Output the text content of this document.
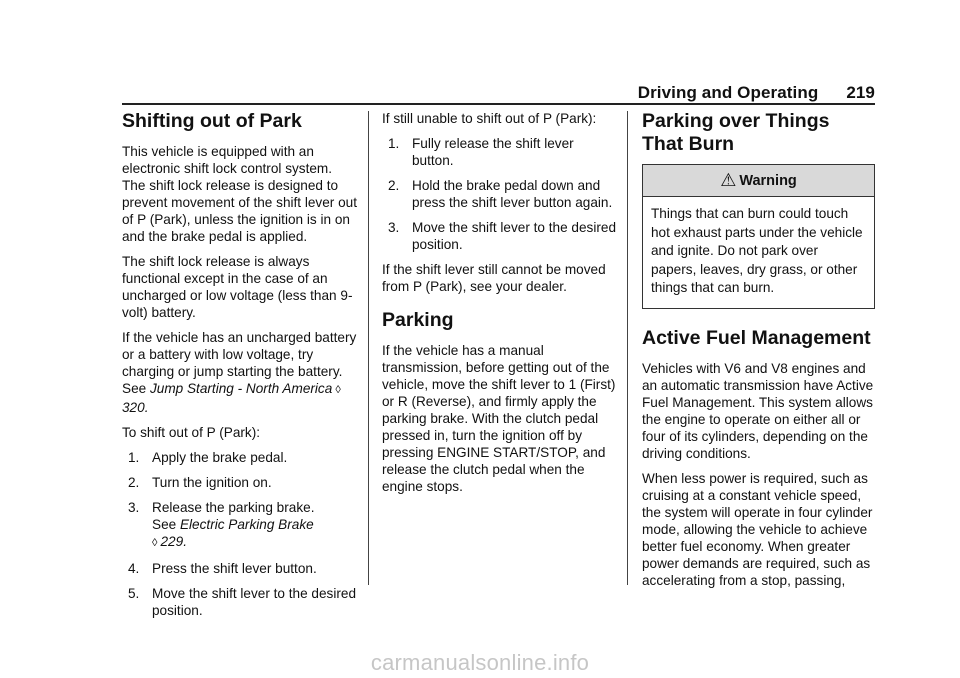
Driving and Operating 219
Shifting out of Park

This vehicle is equipped with an electronic shift lock control system. The shift lock release is designed to prevent movement of the shift lever out of P (Park), unless the ignition is in on and the brake pedal is applied.

The shift lock release is always functional except in the case of an uncharged or low voltage (less than 9-volt) battery.

If the vehicle has an uncharged battery or a battery with low voltage, try charging or jump starting the battery. See Jump Starting - North America ◊ 320.

To shift out of P (Park):

1. Apply the brake pedal.
2. Turn the ignition on.
3. Release the parking brake.
See Electric Parking Brake
◊ 229.
4. Press the shift lever button.
5. Move the shift lever to the desired position.

If still unable to shift out of P (Park):

1. Fully release the shift lever button.
2. Hold the brake pedal down and press the shift lever button again.
3. Move the shift lever to the desired position.

If the shift lever still cannot be moved from P (Park), see your dealer.

Parking

If the vehicle has a manual transmission, before getting out of the vehicle, move the shift lever to 1 (First) or R (Reverse), and firmly apply the parking brake. With the clutch pedal pressed in, turn the ignition off by pressing ENGINE START/STOP, and release the clutch pedal when the engine stops.

Parking over Things
That Burn
⚠ Warning
Things that can burn could touch hot exhaust parts under the vehicle and ignite. Do not park over papers, leaves, dry grass, or other things that can burn.
Active Fuel Management

Vehicles with V6 and V8 engines and an automatic transmission have Active Fuel Management. This system allows the engine to operate on either all or four of its cylinders, depending on the driving conditions.

When less power is required, such as cruising at a constant vehicle speed, the system will operate in four cylinder mode, allowing the vehicle to achieve better fuel economy. When greater power demands are required, such as accelerating from a stop, passing,

carmanualsonline.info
